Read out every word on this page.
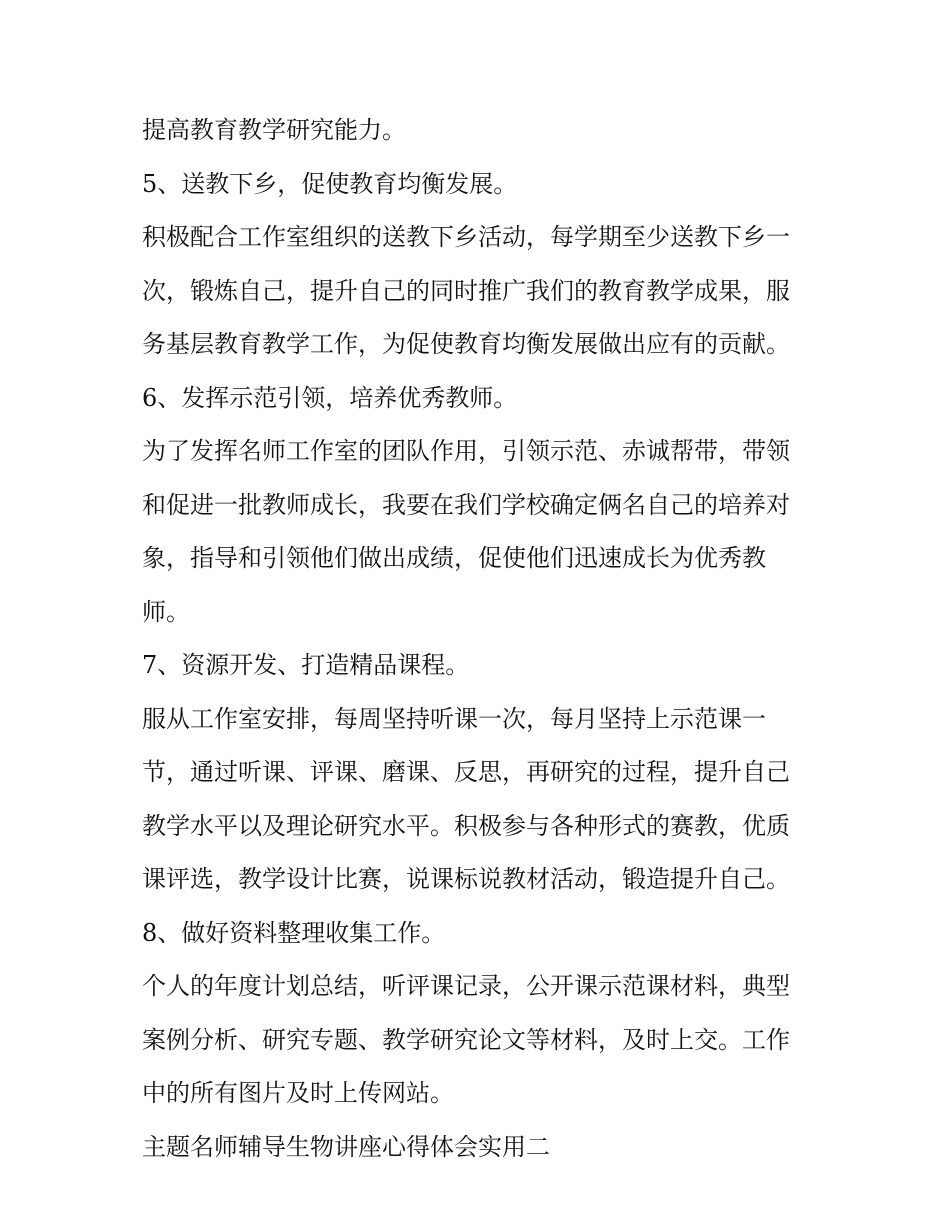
提高教育教学研究能力。

5、送教下乡，促使教育均衡发展。

积极配合工作室组织的送教下乡活动，每学期至少送教下乡一

次，锻炼自己，提升自己的同时推广我们的教育教学成果，服

务基层教育教学工作，为促使教育均衡发展做出应有的贡献。

6、发挥示范引领，培养优秀教师。

为了发挥名师工作室的团队作用，引领示范、赤诚帮带，带领

和促进一批教师成长，我要在我们学校确定俩名自己的培养对

象，指导和引领他们做出成绩，促使他们迅速成长为优秀教

师。

7、资源开发、打造精品课程。

服从工作室安排，每周坚持听课一次，每月坚持上示范课一

节，通过听课、评课、磨课、反思，再研究的过程，提升自己

教学水平以及理论研究水平。积极参与各种形式的赛教，优质

课评选，教学设计比赛，说课标说教材活动，锻造提升自己。

8、做好资料整理收集工作。

个人的年度计划总结，听评课记录，公开课示范课材料，典型

案例分析、研究专题、教学研究论文等材料，及时上交。工作

中的所有图片及时上传网站。

主题名师辅导生物讲座心得体会实用二
